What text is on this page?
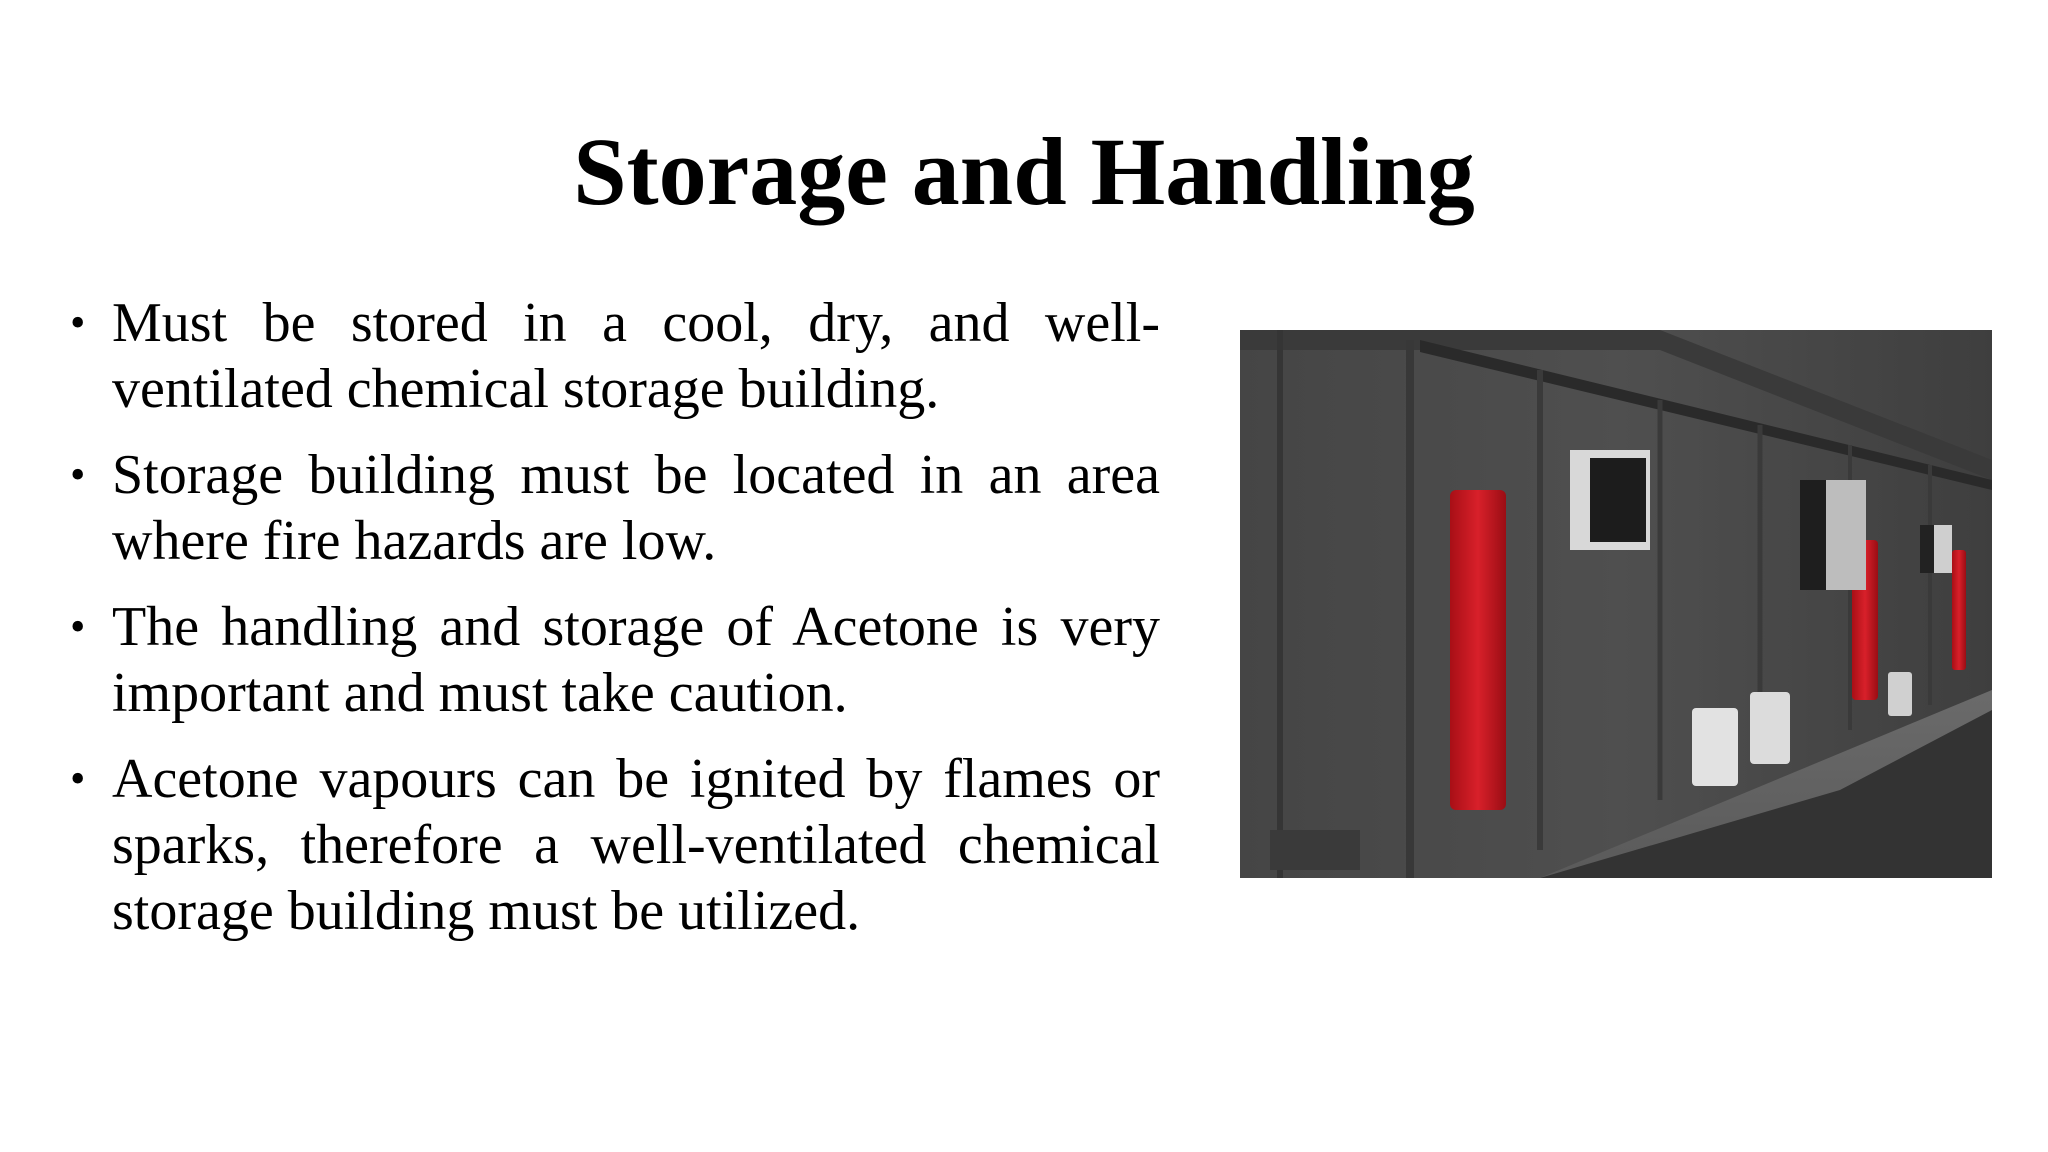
Storage and Handling
• Must be stored in a cool, dry, and well-ventilated chemical storage building.
• Storage building must be located in an area where fire hazards are low.
• The handling and storage of Acetone is very important and must take caution.
• Acetone vapours can be ignited by flames or sparks, therefore a well-ventilated chemical storage building must be utilized.
